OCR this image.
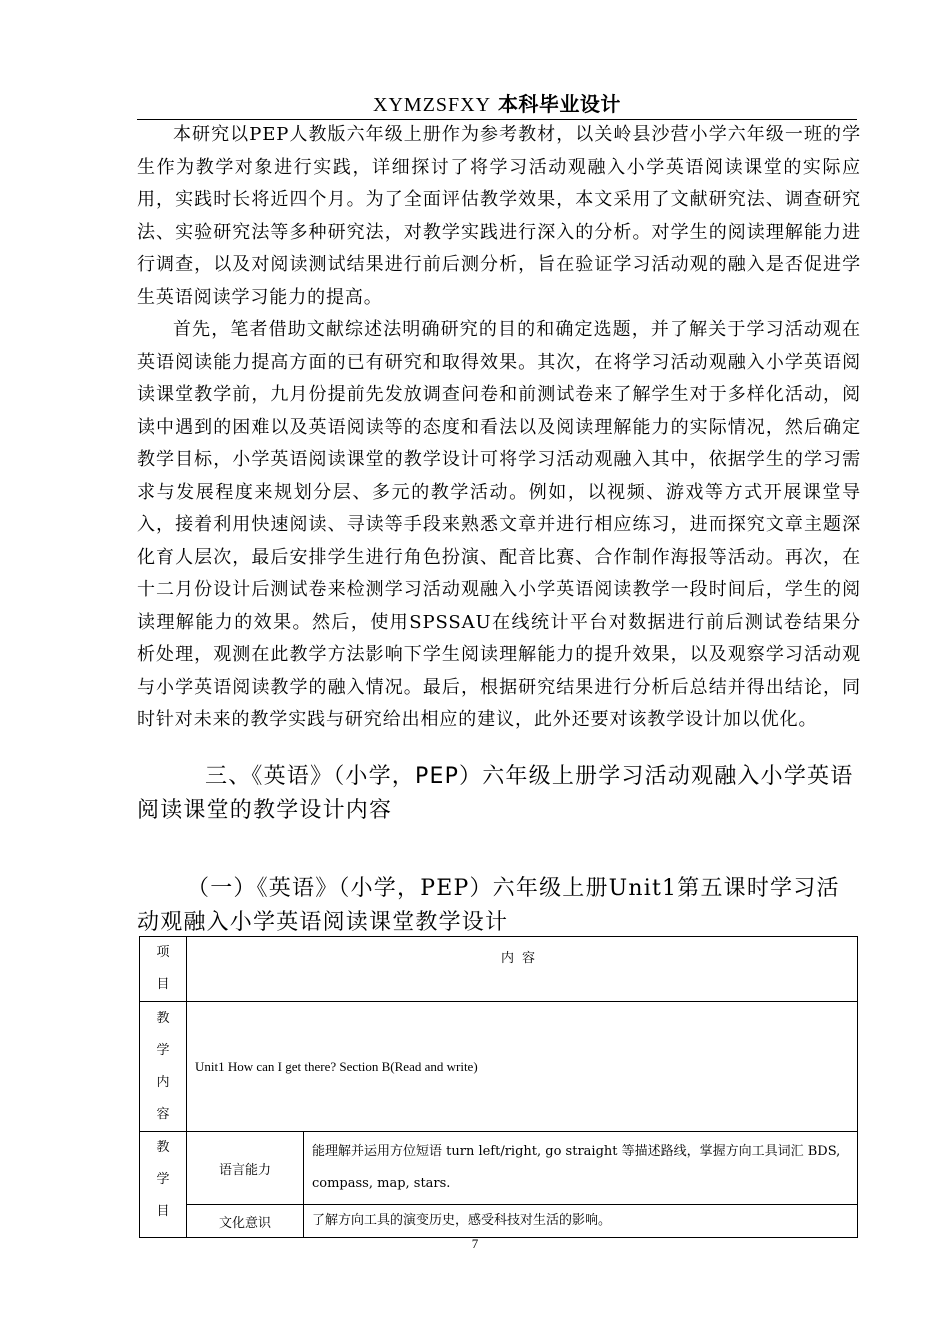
XYMZSFXY 本科毕业设计

本研究以PEP人教版六年级上册作为参考教材，以关岭县沙营小学六年级一班的学生作为教学对象进行实践，详细探讨了将学习活动观融入小学英语阅读课堂的实际应用，实践时长将近四个月。为了全面评估教学效果，本文采用了文献研究法、调查研究法、实验研究法等多种研究法，对教学实践进行深入的分析。对学生的阅读理解能力进行调查，以及对阅读测试结果进行前后测分析，旨在验证学习活动观的融入是否促进学生英语阅读学习能力的提高。

首先，笔者借助文献综述法明确研究的目的和确定选题，并了解关于学习活动观在英语阅读能力提高方面的已有研究和取得效果。其次，在将学习活动观融入小学英语阅读课堂教学前，九月份提前先发放调查问卷和前测试卷来了解学生对于多样化活动，阅读中遇到的困难以及英语阅读等的态度和看法以及阅读理解能力的实际情况，然后确定教学目标，小学英语阅读课堂的教学设计可将学习活动观融入其中，依据学生的学习需求与发展程度来规划分层、多元的教学活动。例如，以视频、游戏等方式开展课堂导入，接着利用快速阅读、寻读等手段来熟悉文章并进行相应练习，进而探究文章主题深化育人层次，最后安排学生进行角色扮演、配音比赛、合作制作海报等活动。再次，在十二月份设计后测试卷来检测学习活动观融入小学英语阅读教学一段时间后，学生的阅读理解能力的效果。然后，使用SPSSAU在线统计平台对数据进行前后测试卷结果分析处理，观测在此教学方法影响下学生阅读理解能力的提升效果，以及观察学习活动观与小学英语阅读教学的融入情况。最后，根据研究结果进行分析后总结并得出结论，同时针对未来的教学实践与研究给出相应的建议，此外还要对该教学设计加以优化。

三、《英语》（小学，PEP）六年级上册学习活动观融入小学英语阅读课堂的教学设计内容

（一）《英语》（小学，PEP）六年级上册Unit1第五课时学习活动观融入小学英语阅读课堂教学设计

项
目	内容	

教
学
内
容	Unit1 How can I get there? Section B(Read and write)	

教
学
目	语言能力	能理解并运用方位短语 turn left/right, go straight 等描述路线，掌握方向工具词汇 BDS, compass, map, stars.
	文化意识	了解方向工具的演变历史，感受科技对生活的影响。
7
